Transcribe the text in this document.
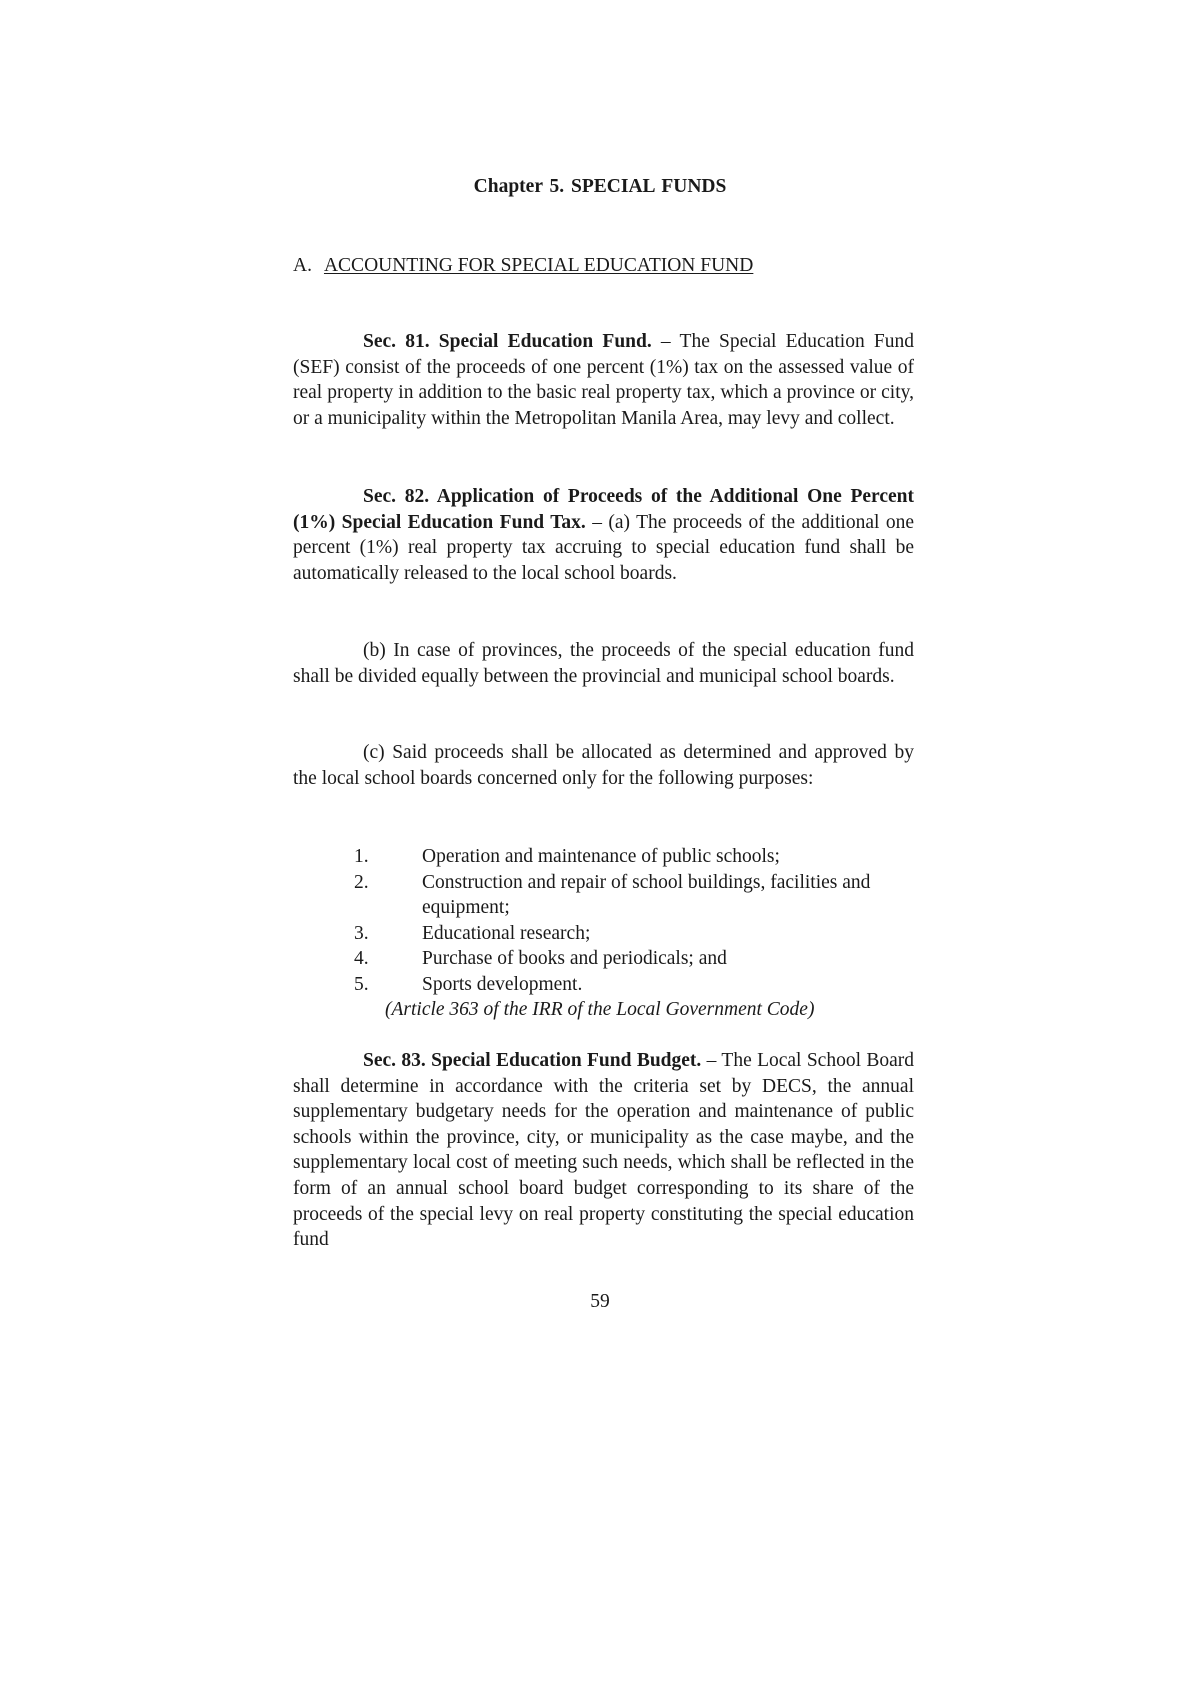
Chapter 5. SPECIAL FUNDS
A. ACCOUNTING FOR SPECIAL EDUCATION FUND

Sec. 81. Special Education Fund. – The Special Education Fund (SEF) consist of the proceeds of one percent (1%) tax on the assessed value of real property in addition to the basic real property tax, which a province or city, or a municipality within the Metropolitan Manila Area, may levy and collect.

Sec. 82. Application of Proceeds of the Additional One Percent (1%) Special Education Fund Tax. – (a) The proceeds of the additional one percent (1%) real property tax accruing to special education fund shall be automatically released to the local school boards.

(b) In case of provinces, the proceeds of the special education fund shall be divided equally between the provincial and municipal school boards.

(c) Said proceeds shall be allocated as determined and approved by the local school boards concerned only for the following purposes:

1.	Operation and maintenance of public schools;
2.	Construction and repair of school buildings, facilities and equipment;
3.	Educational research;
4.	Purchase of books and periodicals; and
5.	Sports development.
(Article 363 of the IRR of the Local Government Code)

Sec. 83. Special Education Fund Budget. – The Local School Board shall determine in accordance with the criteria set by DECS, the annual supplementary budgetary needs for the operation and maintenance of public schools within the province, city, or municipality as the case maybe, and the supplementary local cost of meeting such needs, which shall be reflected in the form of an annual school board budget corresponding to its share of the proceeds of the special levy on real property constituting the special education fund

59
